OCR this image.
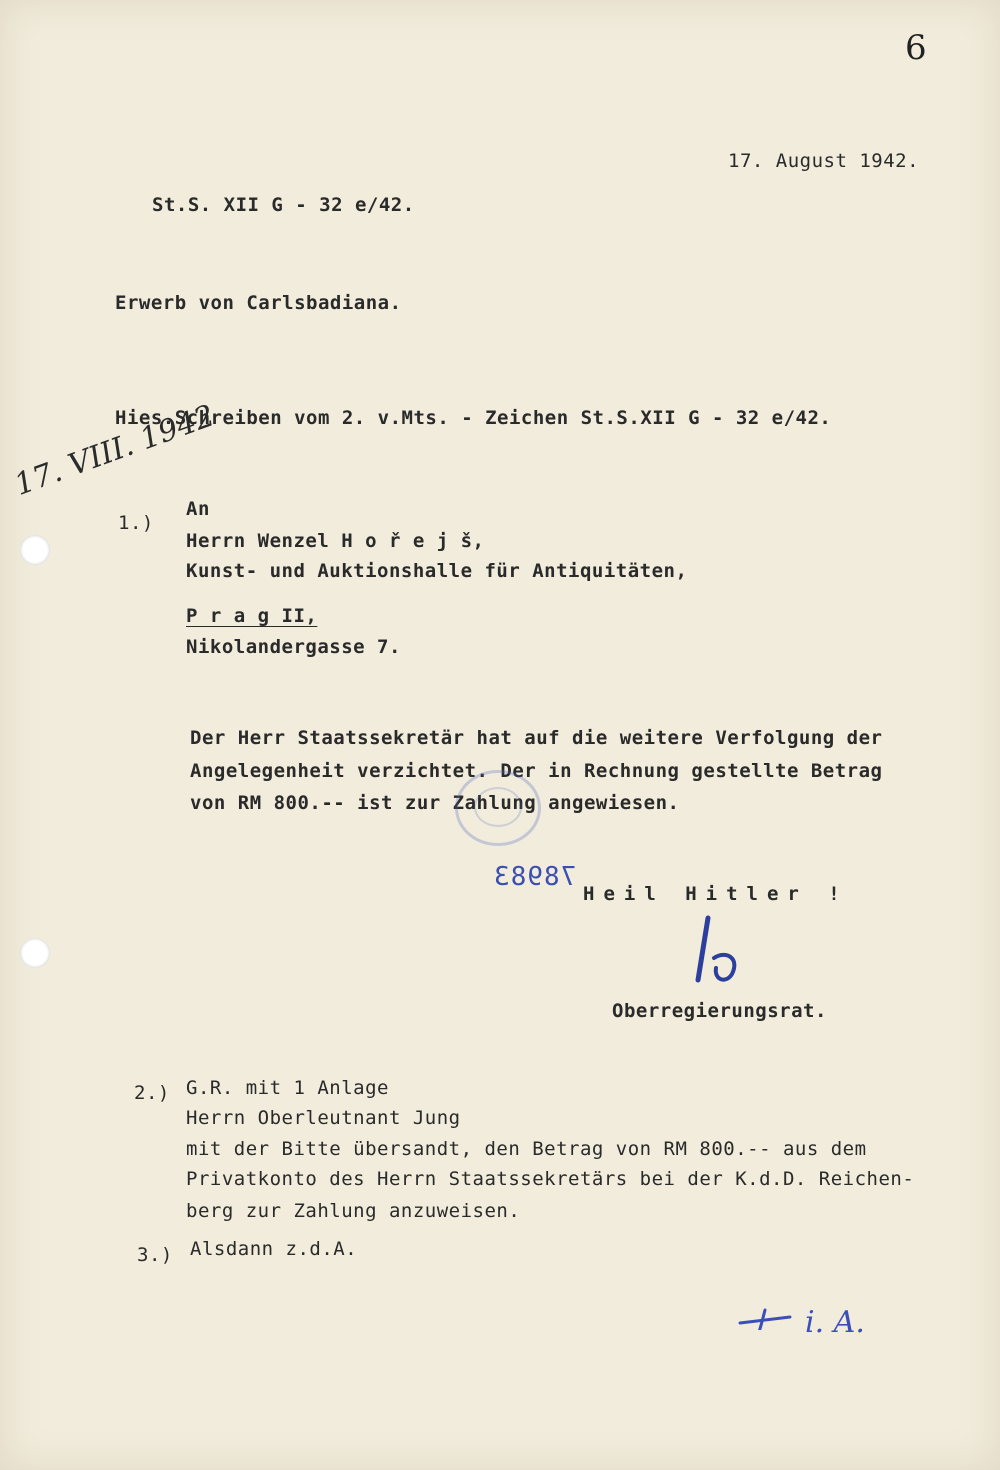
6
17. August 1942.
St.S. XII G - 32 e/42.
Erwerb von Carlsbadiana.
Hies.Schreiben vom 2. v.Mts. - Zeichen St.S.XII G - 32 e/42.
17. VIII. 1942
1.)
An
Herrn Wenzel H o ř e j š,
Kunst- und Auktionshalle für Antiquitäten,
P r a g II,
Nikolandergasse 7.
Der Herr Staatssekretär hat auf die weitere Verfolgung der
Angelegenheit verzichtet. Der in Rechnung gestellte Betrag
von RM 800.-- ist zur Zahlung angewiesen.
78983
Heil Hitler !
Oberregierungsrat.
2.) G.R. mit 1 Anlage
Herrn Oberleutnant Jung
mit der Bitte übersandt, den Betrag von RM 800.-- aus dem
Privatkonto des Herrn Staatssekretärs bei der K.d.D. Reichen-
berg zur Zahlung anzuweisen.
3.) Alsdann z.d.A.
i. A.
